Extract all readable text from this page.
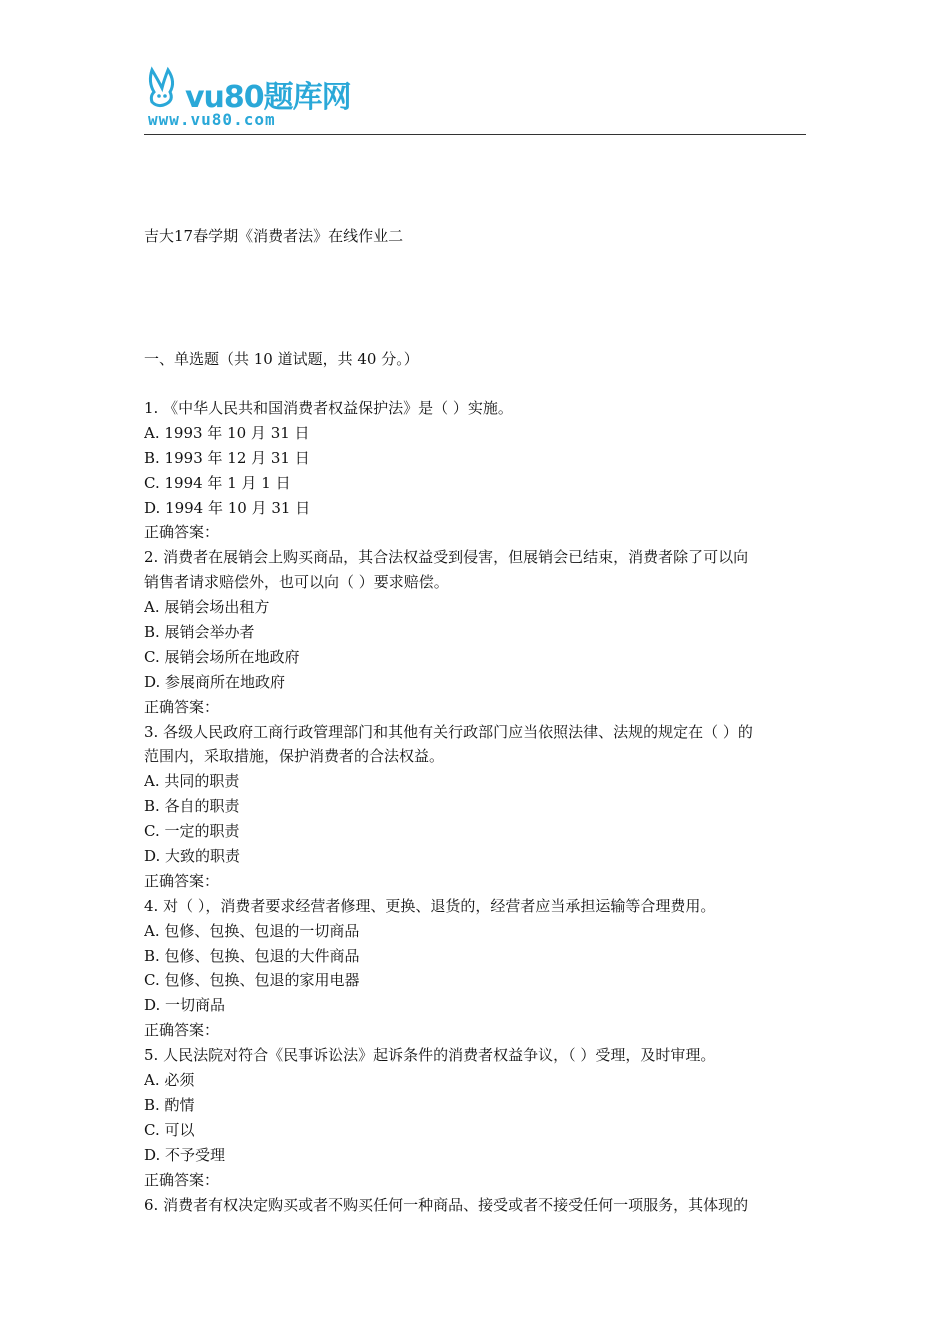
vu80题库网
www.vu80.com
吉大17春学期《消费者法》在线作业二
一、单选题（共 10 道试题，共 40 分。）
1. 《中华人民共和国消费者权益保护法》是（ ）实施。
A. 1993 年 10 月 31 日
B. 1993 年 12 月 31 日
C. 1994 年 1 月 1 日
D. 1994 年 10 月 31 日
正确答案：
2. 消费者在展销会上购买商品，其合法权益受到侵害，但展销会已结束，消费者除了可以向
销售者请求赔偿外，也可以向（ ）要求赔偿。
A. 展销会场出租方
B. 展销会举办者
C. 展销会场所在地政府
D. 参展商所在地政府
正确答案：
3. 各级人民政府工商行政管理部门和其他有关行政部门应当依照法律、法规的规定在（ ）的
范围内，采取措施，保护消费者的合法权益。
A. 共同的职责
B. 各自的职责
C. 一定的职责
D. 大致的职责
正确答案：
4. 对（ ），消费者要求经营者修理、更换、退货的，经营者应当承担运输等合理费用。
A. 包修、包换、包退的一切商品
B. 包修、包换、包退的大件商品
C. 包修、包换、包退的家用电器
D. 一切商品
正确答案：
5. 人民法院对符合《民事诉讼法》起诉条件的消费者权益争议，（ ）受理，及时审理。
A. 必须
B. 酌情
C. 可以
D. 不予受理
正确答案：
6. 消费者有权决定购买或者不购买任何一种商品、接受或者不接受任何一项服务，其体现的
